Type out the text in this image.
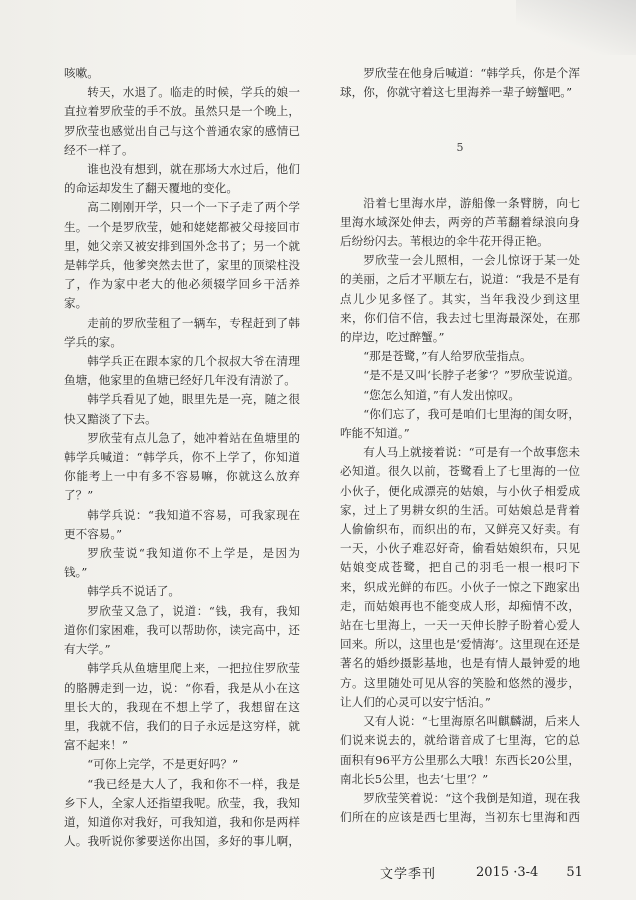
咳嗽。

转天，水退了。临走的时候，学兵的娘一直拉着罗欣莹的手不放。虽然只是一个晚上，罗欣莹也感觉出自己与这个普通农家的感情已经不一样了。

谁也没有想到，就在那场大水过后，他们的命运却发生了翻天覆地的变化。

高二刚刚开学，只一个一下子走了两个学生。一个是罗欣莹，她和姥姥都被父母接回市里，她父亲又被安排到国外念书了；另一个就是韩学兵，他爹突然去世了，家里的顶梁柱没了，作为家中老大的他必须辍学回乡干活养家。

走前的罗欣莹租了一辆车，专程赶到了韩学兵的家。

韩学兵正在跟本家的几个叔叔大爷在清理鱼塘，他家里的鱼塘已经好几年没有清淤了。

韩学兵看见了她，眼里先是一亮，随之很快又黯淡了下去。

罗欣莹有点儿急了，她冲着站在鱼塘里的韩学兵喊道：“韩学兵，你不上学了，你知道你能考上一中有多不容易嘛，你就这么放弃了？”

韩学兵说：“我知道不容易，可我家现在更不容易。”

罗欣莹说“我知道你不上学是，是因为钱。”

韩学兵不说话了。

罗欣莹又急了，说道：“钱，我有，我知道你们家困难，我可以帮助你，读完高中，还有大学。”

韩学兵从鱼塘里爬上来，一把拉住罗欣莹的胳膊走到一边，说：“你看，我是从小在这里长大的，我现在不想上学了，我想留在这里，我就不信，我们的日子永远是这穷样，就富不起来！”

“可你上完学，不是更好吗？”

“我已经是大人了，我和你不一样，我是乡下人，全家人还指望我呢。欣莹，我，我知道，知道你对我好，可我知道，我和你是两样人。我听说你爹要送你出国，多好的事儿啊，

罗欣莹在他身后喊道：“韩学兵，你是个浑球，你，你就守着这七里海养一辈子螃蟹吧。”

5

沿着七里海水岸，游船像一条臂膀，向七里海水域深处伸去，两旁的芦苇翻着绿浪向身后纷纷闪去。苇根边的伞牛花开得正艳。

罗欣莹一会儿照相，一会儿惊讶于某一处的美丽，之后才平顺左右，说道：“我是不是有点儿少见多怪了。其实，当年我没少到这里来，你们信不信，我去过七里海最深处，在那的岸边，吃过醉蟹。”

“那是苍鹭，”有人给罗欣莹指点。

“是不是又叫‘长脖子老爹’？”罗欣莹说道。

“您怎么知道，”有人发出惊叹。

“你们忘了，我可是咱们七里海的闺女呀，咋能不知道。”

有人马上就接着说：“可是有一个故事您未必知道。很久以前，苍鹭看上了七里海的一位小伙子，便化成漂亮的姑娘，与小伙子相爱成家，过上了男耕女织的生活。可姑娘总是背着人偷偷织布，而织出的布，又鲜亮又好卖。有一天，小伙子难忍好奇，偷看姑娘织布，只见姑娘变成苍鹭，把自己的羽毛一根一根叼下来，织成光鲜的布匹。小伙子一惊之下跑家出走，而姑娘再也不能变成人形，却痴情不改，站在七里海上，一天一天伸长脖子盼着心爱人回来。所以，这里也是‘爱情海’。这里现在还是著名的婚纱摄影基地，也是有情人最钟爱的地方。这里随处可见从容的笑脸和悠然的漫步，让人们的心灵可以安宁恬泊。”

又有人说：“七里海原名叫麒麟湖，后来人们说来说去的，就给谐音成了七里海，它的总面积有96平方公里那么大哦！东西长20公里，南北长5公里，也去‘七里’？”

罗欣莹笑着说：“这个我倒是知道，现在我们所在的应该是西七里海，当初东七里海和西

文学季刊	2015 ·3-4 51
